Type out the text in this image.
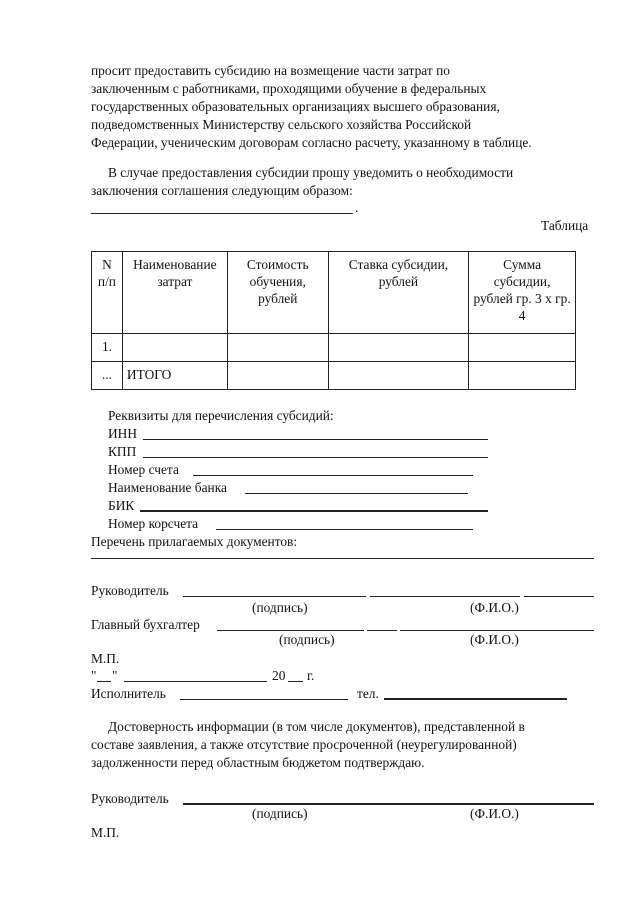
просит предоставить субсидию на возмещение части затрат по
заключенным с работниками, проходящими обучение в федеральных
государственных образовательных организациях высшего образования,
подведомственных Министерству сельского хозяйства Российской
Федерации, ученическим договорам согласно расчету, указанному в таблице.
В случае предоставления субсидии прошу уведомить о необходимости
заключения соглашения следующим образом:
.
Таблица
N п/п	Наименование затрат	Стоимость обучения, рублей	Ставка субсидии, рублей	Сумма субсидии, рублей гр. 3 x гр. 4
1.				
...	ИТОГО			
Реквизиты для перечисления субсидий:
ИНН
КПП
Номер счета
Наименование банка
БИК
Номер корсчета
Перечень прилагаемых документов:
Руководитель
(подпись)	(Ф.И.О.)
Главный бухгалтер
(подпись)	(Ф.И.О.)
М.П.
" "	20 г.
Исполнитель	тел.
Достоверность информации (в том числе документов), представленной в
составе заявления, а также отсутствие просроченной (неурегулированной)
задолженности перед областным бюджетом подтверждаю.
Руководитель
(подпись)	(Ф.И.О.)
М.П.
